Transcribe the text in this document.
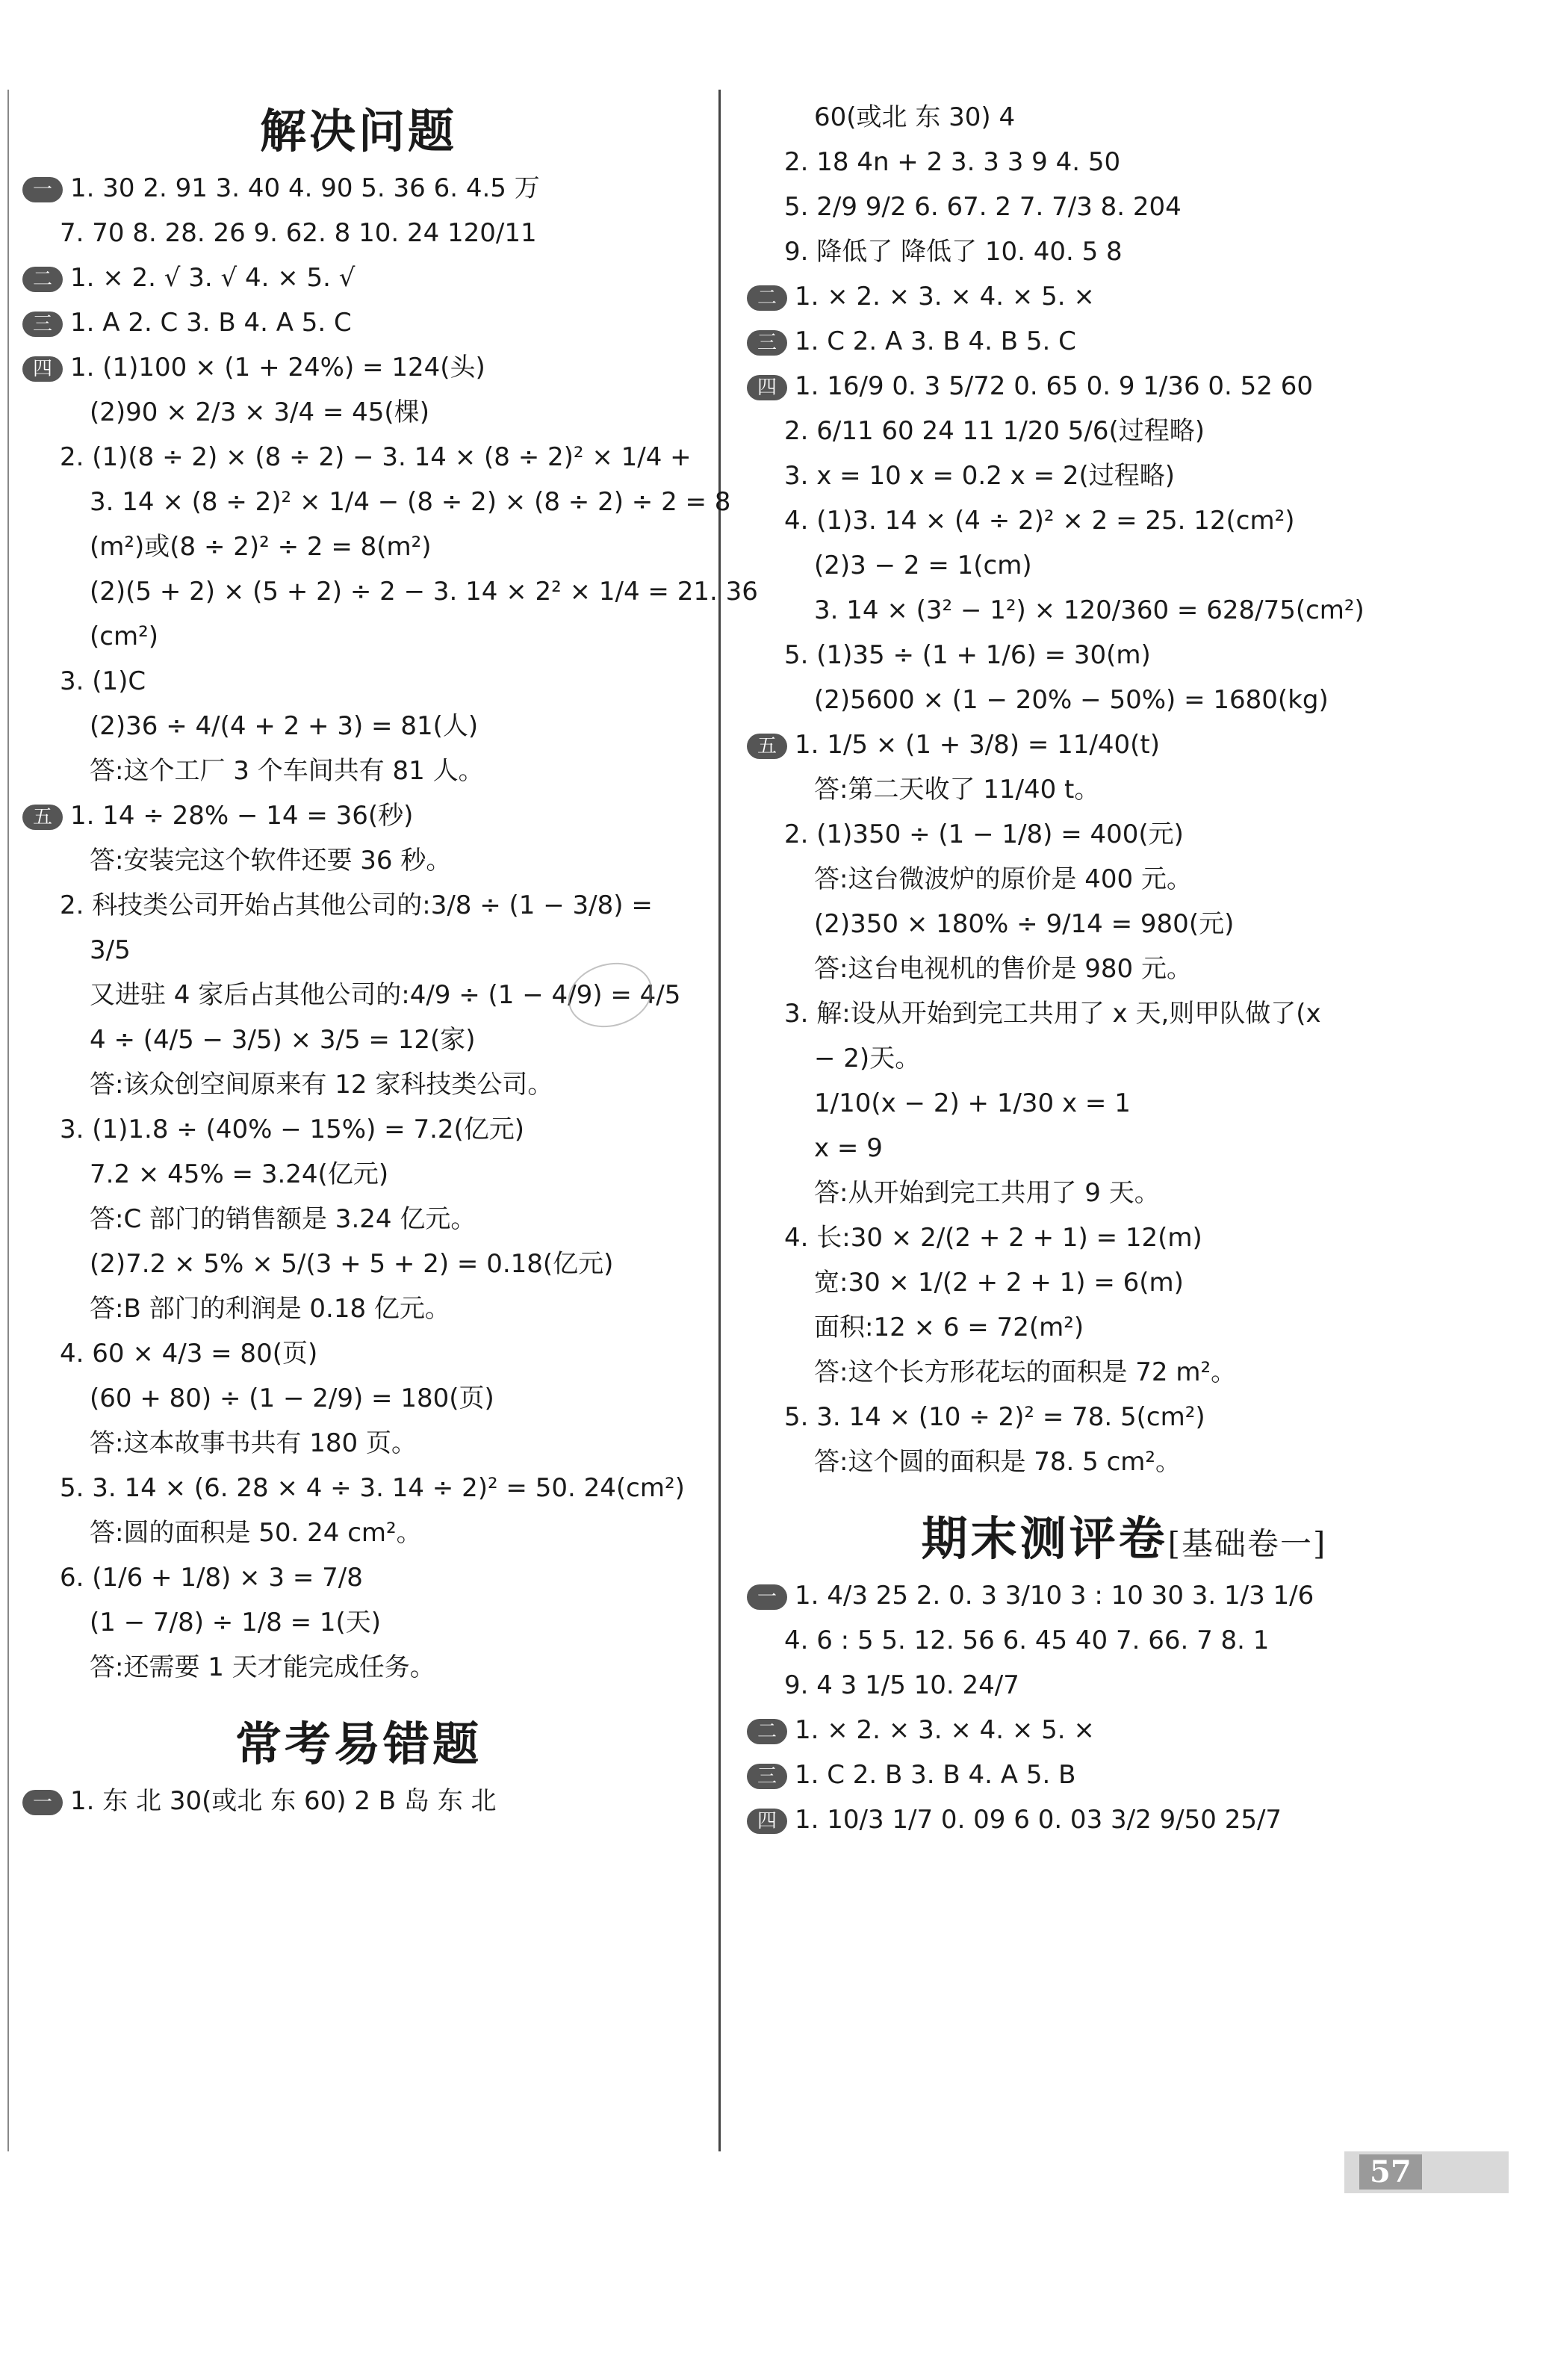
解决问题
一 1. 30 2. 91 3. 40 4. 90 5. 36 6. 4.5 万
7. 70 8. 28. 26 9. 62. 8 10. 24 120/11
二 1. × 2. √ 3. √ 4. × 5. √
三 1. A 2. C 3. B 4. A 5. C
四 1. (1)100 × (1 + 24%) = 124(头)
(2)90 × 2/3 × 3/4 = 45(棵)
2. (1)(8 ÷ 2) × (8 ÷ 2) − 3. 14 × (8 ÷ 2)² × 1/4 +
3. 14 × (8 ÷ 2)² × 1/4 − (8 ÷ 2) × (8 ÷ 2) ÷ 2 = 8
(m²)或(8 ÷ 2)² ÷ 2 = 8(m²)
(2)(5 + 2) × (5 + 2) ÷ 2 − 3. 14 × 2² × 1/4 = 21. 36
(cm²)
3. (1)C
(2)36 ÷ 4/(4 + 2 + 3) = 81(人)
答:这个工厂 3 个车间共有 81 人。
五 1. 14 ÷ 28% − 14 = 36(秒)
答:安装完这个软件还要 36 秒。
2. 科技类公司开始占其他公司的:3/8 ÷ (1 − 3/8) =
3/5
又进驻 4 家后占其他公司的:4/9 ÷ (1 − 4/9) = 4/5
4 ÷ (4/5 − 3/5) × 3/5 = 12(家)
答:该众创空间原来有 12 家科技类公司。
3. (1)1.8 ÷ (40% − 15%) = 7.2(亿元)
7.2 × 45% = 3.24(亿元)
答:C 部门的销售额是 3.24 亿元。
(2)7.2 × 5% × 5/(3 + 5 + 2) = 0.18(亿元)
答:B 部门的利润是 0.18 亿元。
4. 60 × 4/3 = 80(页)
(60 + 80) ÷ (1 − 2/9) = 180(页)
答:这本故事书共有 180 页。
5. 3. 14 × (6. 28 × 4 ÷ 3. 14 ÷ 2)² = 50. 24(cm²)
答:圆的面积是 50. 24 cm²。
6. (1/6 + 1/8) × 3 = 7/8
(1 − 7/8) ÷ 1/8 = 1(天)
答:还需要 1 天才能完成任务。
常考易错题
一 1. 东 北 30(或北 东 60) 2 B 岛 东 北
60(或北 东 30) 4
2. 18 4n + 2 3. 3 3 9 4. 50
5. 2/9 9/2 6. 67. 2 7. 7/3 8. 204
9. 降低了 降低了 10. 40. 5 8
二 1. × 2. × 3. × 4. × 5. ×
三 1. C 2. A 3. B 4. B 5. C
四 1. 16/9 0. 3 5/72 0. 65 0. 9 1/36 0. 52 60
2. 6/11 60 24 11 1/20 5/6(过程略)
3. x = 10 x = 0.2 x = 2(过程略)
4. (1)3. 14 × (4 ÷ 2)² × 2 = 25. 12(cm²)
(2)3 − 2 = 1(cm)
3. 14 × (3² − 1²) × 120/360 = 628/75(cm²)
5. (1)35 ÷ (1 + 1/6) = 30(m)
(2)5600 × (1 − 20% − 50%) = 1680(kg)
五 1. 1/5 × (1 + 3/8) = 11/40(t)
答:第二天收了 11/40 t。
2. (1)350 ÷ (1 − 1/8) = 400(元)
答:这台微波炉的原价是 400 元。
(2)350 × 180% ÷ 9/14 = 980(元)
答:这台电视机的售价是 980 元。
3. 解:设从开始到完工共用了 x 天,则甲队做了(x
− 2)天。
1/10(x − 2) + 1/30 x = 1
x = 9
答:从开始到完工共用了 9 天。
4. 长:30 × 2/(2 + 2 + 1) = 12(m)
宽:30 × 1/(2 + 2 + 1) = 6(m)
面积:12 × 6 = 72(m²)
答:这个长方形花坛的面积是 72 m²。
5. 3. 14 × (10 ÷ 2)² = 78. 5(cm²)
答:这个圆的面积是 78. 5 cm²。
期末测评卷[基础卷一]
一 1. 4/3 25 2. 0. 3 3/10 3 : 10 30 3. 1/3 1/6
4. 6 : 5 5. 12. 56 6. 45 40 7. 66. 7 8. 1
9. 4 3 1/5 10. 24/7
二 1. × 2. × 3. × 4. × 5. ×
三 1. C 2. B 3. B 4. A 5. B
四 1. 10/3 1/7 0. 09 6 0. 03 3/2 9/50 25/7
57
